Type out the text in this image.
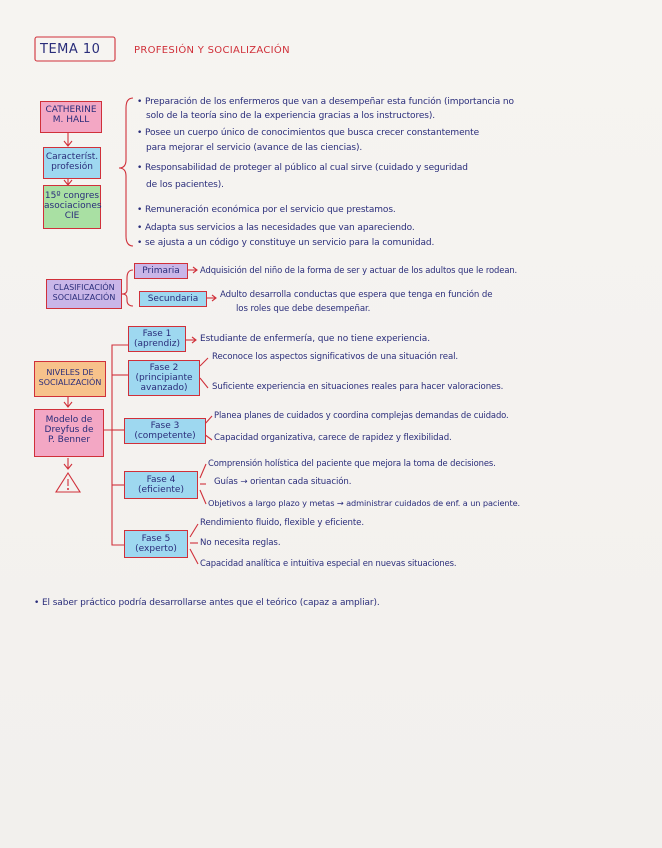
TEMA 10	PROFESIÓN Y SOCIALIZACIÓN
CATHERINE
M. HALL
Característ.
profesión
15º congres
asociaciones
CIE
CLASIFICACIÓN
SOCIALIZACIÓN
NIVELES DE
SOCIALIZACIÓN
Modelo de
Dreyfus de
P. Benner
• Preparación de los enfermeros que van a desempeñar esta función (importancia no
solo de la teoría sino de la experiencia gracias a los instructores).
• Posee un cuerpo único de conocimientos que busca crecer constantemente
para mejorar el servicio (avance de las ciencias).
• Responsabilidad de proteger al público al cual sirve (cuidado y seguridad
de los pacientes).
• Remuneración económica por el servicio que prestamos.
• Adapta sus servicios a las necesidades que van apareciendo.
• se ajusta a un código y constituye un servicio para la comunidad.
Primaria	Adquisición del niño de la forma de ser y actuar de los adultos que le rodean.
Secundaria	Adulto desarrolla conductas que espera que tenga en función de
los roles que debe desempeñar.
Fase 1
(aprendiz)
Fase 2
(principiante
avanzado)
Fase 3
(competente)
Fase 4
(eficiente)
Fase 5
(experto)
Estudiante de enfermería, que no tiene experiencia.
Reconoce los aspectos significativos de una situación real.
Suficiente experiencia en situaciones reales para hacer valoraciones.
Planea planes de cuidados y coordina complejas demandas de cuidado.
Capacidad organizativa, carece de rapidez y flexibilidad.
Comprensión holística del paciente que mejora la toma de decisiones.
Guías → orientan cada situación.
Objetivos a largo plazo y metas → administrar cuidados de enf. a un paciente.
Rendimiento fluido, flexible y eficiente.
No necesita reglas.
Capacidad analítica e intuitiva especial en nuevas situaciones.
• El saber práctico podría desarrollarse antes que el teórico (capaz a ampliar).
